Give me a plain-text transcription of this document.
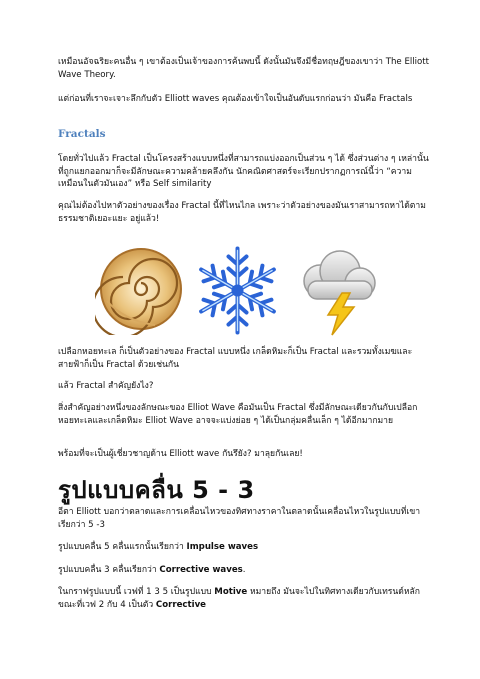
เหมือนอัจฉริยะคนอื่น ๆ เขาต้องเป็นเจ้าของการค้นพบนี้ ดังนั้นมันจึงมีชื่อทฤษฎีของเขาว่า The Elliott Wave Theory.

แต่ก่อนที่เราจะเจาะลึกกับตัว Elliott waves คุณต้องเข้าใจเป็นอันดับแรกก่อนว่า มันคือ Fractals

Fractals

โดยทั่วไปแล้ว Fractal เป็นโครงสร้างแบบหนึ่งที่สามารถแบ่งออกเป็นส่วน ๆ ได้ ซึ่งส่วนต่าง ๆ เหล่านั้นที่ถูกแยกออกมาก็จะมีลักษณะความคล้ายคลึงกัน นักคณิตศาสตร์จะเรียกปรากฏการณ์นี้ว่า “ความเหมือนในตัวมันเอง” หรือ Self similarity

คุณไม่ต้องไปหาตัวอย่างของเรื่อง Fractal นี้ที่ไหนไกล เพราะว่าตัวอย่างของมันเราสามารถหาได้ตามธรรมชาติเยอะแยะ อยู่แล้ว!

เปลือกหอยทะเล ก็เป็นตัวอย่างของ Fractal แบบหนึ่ง เกล็ดหิมะก็เป็น Fractal และรวมทั้งเมฆและสายฟ้าก็เป็น Fractal ด้วยเช่นกัน

แล้ว Fractal สำคัญยังไง?

สิ่งสำคัญอย่างหนึ่งของลักษณะของ Elliot Wave คือมันเป็น Fractal ซึ่งมีลักษณะเดียวกันกับเปลือกหอยทะเลและเกล็ดหิมะ Elliot Wave อาจจะแบ่งย่อย ๆ ได้เป็นกลุ่มคลื่นเล็ก ๆ ได้อีกมากมาย

พร้อมที่จะเป็นผู้เชี่ยวชาญด้าน Elliott wave กันรึยัง? มาลุยกันเลย!

รูปแบบคลื่น 5 - 3

อีตา Elliott บอกว่าตลาดและการเคลื่อนไหวของทิศทางราคาในตลาดนั้นเคลื่อนไหวในรูปแบบที่เขาเรียกว่า 5 -3

รูปแบบคลื่น 5 คลื่นแรกนั้นเรียกว่า Impulse waves

รูปแบบคลื่น 3 คลื่นเรียกว่า Corrective waves.

ในกราฟรูปแบบนี้ เวฟที่ 1 3 5 เป็นรูปแบบ Motive หมายถึง มันจะไปในทิศทางเดียวกับเทรนด์หลัก ขณะที่เวฟ 2 กับ 4 เป็นตัว Corrective
